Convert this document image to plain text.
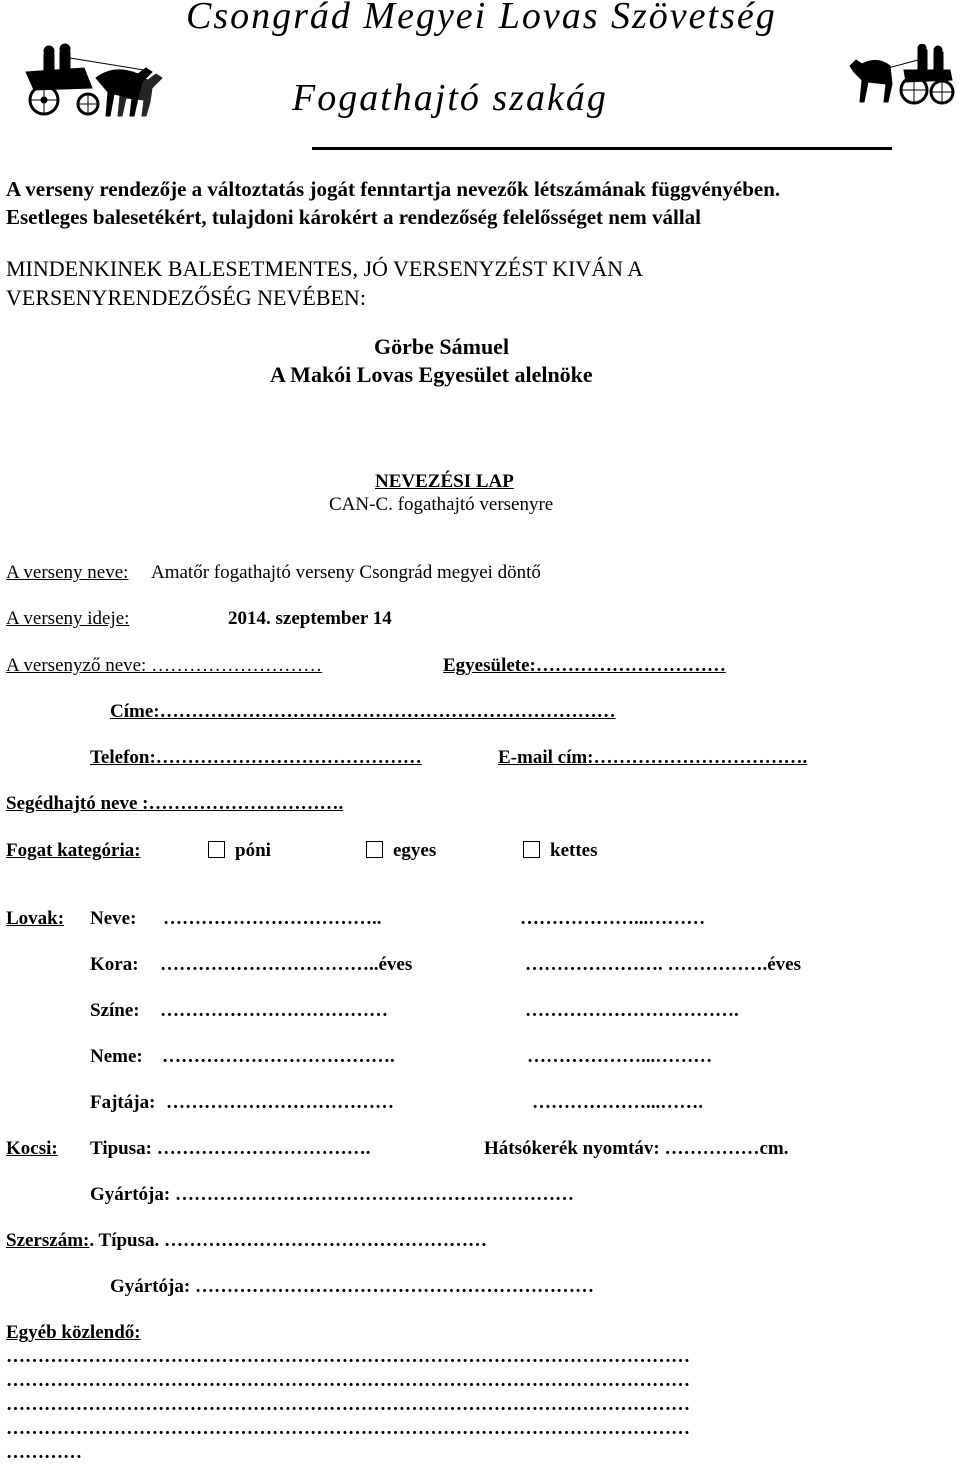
Csongrád Megyei Lovas Szövetség
Fogathajtó szakág
A verseny rendezője a változtatás jogát fenntartja nevezők létszámának függvényében.
Esetleges balesetékért, tulajdoni károkért a rendezőség felelősséget nem vállal
MINDENKINEK BALESETMENTES, JÓ VERSENYZÉST KIVÁN A
VERSENYRENDEZŐSÉG NEVÉBEN:
Görbe Sámuel
A Makói Lovas Egyesület alelnöke
NEVEZÉSI LAP
CAN-C. fogathajtó versenyre
A verseny neve: Amatőr fogathajtó verseny Csongrád megyei döntő
A verseny ideje:	2014. szeptember 14
A versenyző neve: ………………………	Egyesülete:…………………………
Címe:………………………………………………………………
Telefon:……………………………………	E-mail cím:…………………………….
Segédhajtó neve :………………………….
Fogat kategória:	póni	egyes	kettes
Lovak: Neve: ……………………………..	………………...………
Kora: ……………………………..éves	…………………. …………….éves
Színe: ………………………………	…………………………….
Neme: ……………………………….	………………...………
Fajtája: ………………………………	………………...…….
Kocsi: Tipusa: …………………………….	Hátsókerék nyomtáv: ……………cm.
Gyártója: ………………………………………………………
Szerszám:. Típusa. ……………………………………………
Gyártója: ………………………………………………………
Egyéb közlendő:
………………………………………………………………………………………………
………………………………………………………………………………………………
………………………………………………………………………………………………
………………………………………………………………………………………………
…………
